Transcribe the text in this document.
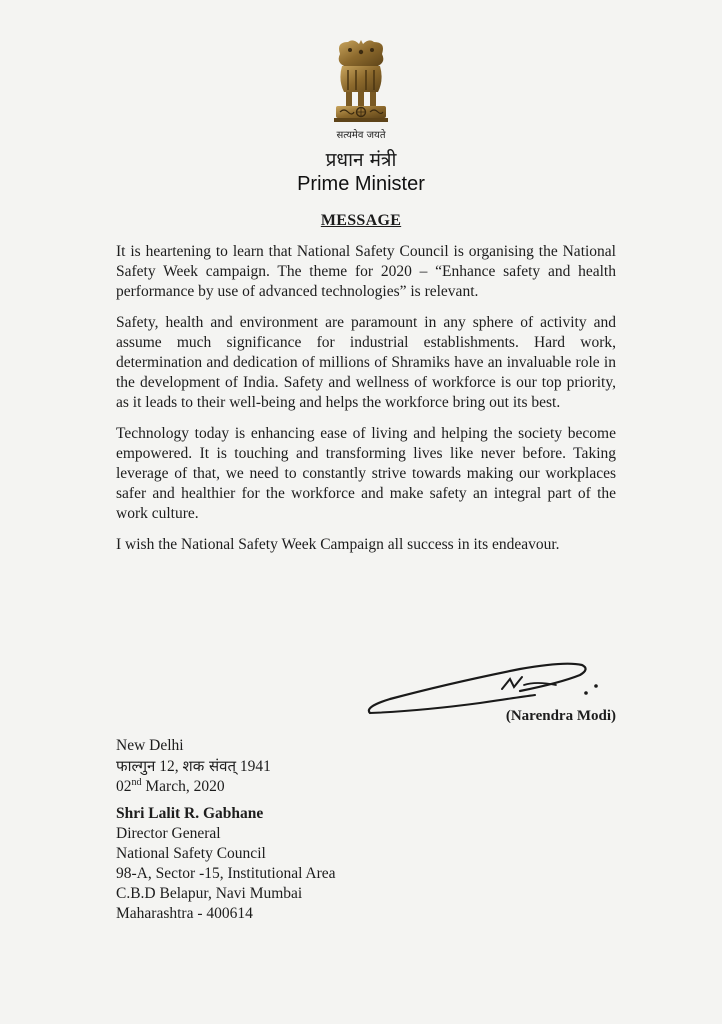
सत्यमेव जयते
प्रधान मंत्री
Prime Minister
MESSAGE

It is heartening to learn that National Safety Council is organising the National Safety Week campaign. The theme for 2020 – “Enhance safety and health performance by use of advanced technologies” is relevant.

Safety, health and environment are paramount in any sphere of activity and assume much significance for industrial establishments. Hard work, determination and dedication of millions of Shramiks have an invaluable role in the development of India. Safety and wellness of workforce is our top priority, as it leads to their well-being and helps the workforce bring out its best.

Technology today is enhancing ease of living and helping the society become empowered. It is touching and transforming lives like never before. Taking leverage of that, we need to constantly strive towards making our workplaces safer and healthier for the workforce and make safety an integral part of the work culture.

I wish the National Safety Week Campaign all success in its endeavour.

(Narendra Modi)
New Delhi
फाल्गुन 12, शक संवत् 1941
02nd March, 2020
Shri Lalit R. Gabhane
Director General
National Safety Council
98-A, Sector -15, Institutional Area
C.B.D Belapur, Navi Mumbai
Maharashtra - 400614
